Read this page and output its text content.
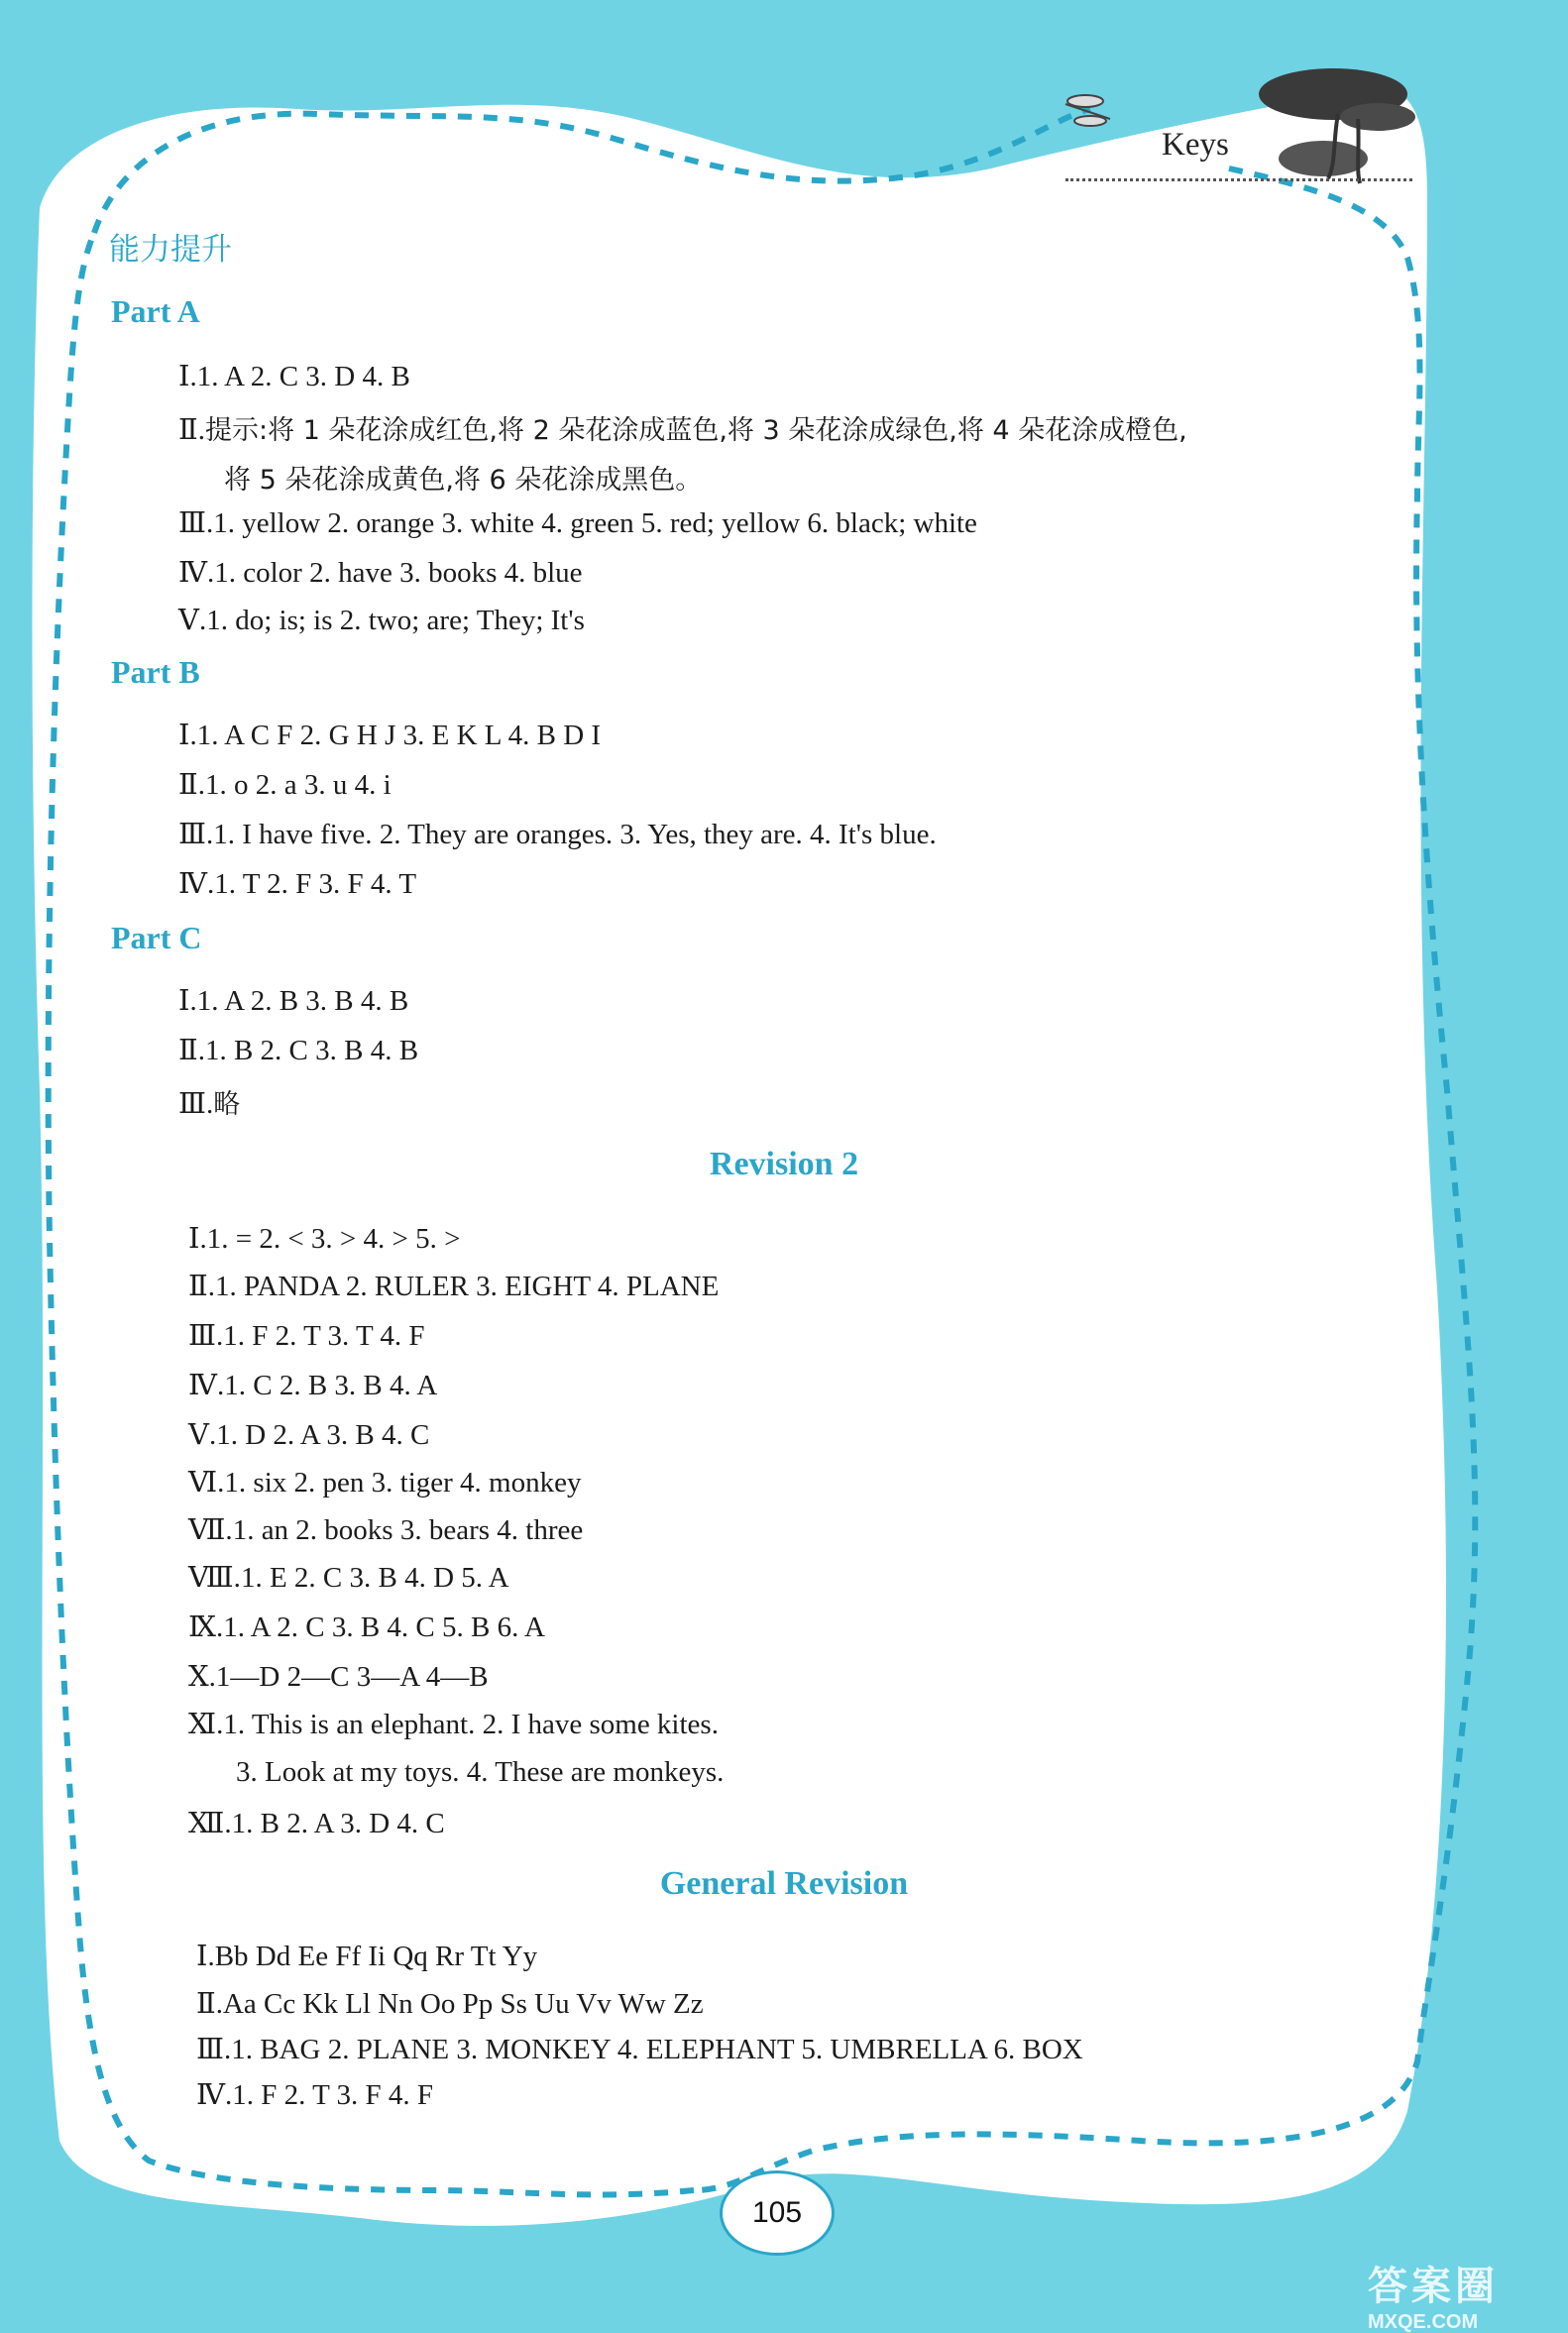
Keys
能力提升
Part A
Ⅰ.1. A 2. C 3. D 4. B
Ⅱ.提示:将 1 朵花涂成红色,将 2 朵花涂成蓝色,将 3 朵花涂成绿色,将 4 朵花涂成橙色,
将 5 朵花涂成黄色,将 6 朵花涂成黑色。
Ⅲ.1. yellow 2. orange 3. white 4. green 5. red; yellow 6. black; white
Ⅳ.1. color 2. have 3. books 4. blue
Ⅴ.1. do; is; is 2. two; are; They; It's
Part B
Ⅰ.1. A C F 2. G H J 3. E K L 4. B D I
Ⅱ.1. o 2. a 3. u 4. i
Ⅲ.1. I have five. 2. They are oranges. 3. Yes, they are. 4. It's blue.
Ⅳ.1. T 2. F 3. F 4. T
Part C
Ⅰ.1. A 2. B 3. B 4. B
Ⅱ.1. B 2. C 3. B 4. B
Ⅲ.略
Revision 2
Ⅰ.1. = 2. < 3. > 4. > 5. >
Ⅱ.1. PANDA 2. RULER 3. EIGHT 4. PLANE
Ⅲ.1. F 2. T 3. T 4. F
Ⅳ.1. C 2. B 3. B 4. A
Ⅴ.1. D 2. A 3. B 4. C
Ⅵ.1. six 2. pen 3. tiger 4. monkey
Ⅶ.1. an 2. books 3. bears 4. three
Ⅷ.1. E 2. C 3. B 4. D 5. A
Ⅸ.1. A 2. C 3. B 4. C 5. B 6. A
Ⅹ.1—D 2—C 3—A 4—B
Ⅺ.1. This is an elephant. 2. I have some kites.
3. Look at my toys. 4. These are monkeys.
Ⅻ.1. B 2. A 3. D 4. C
General Revision
Ⅰ.Bb Dd Ee Ff Ii Qq Rr Tt Yy
Ⅱ.Aa Cc Kk Ll Nn Oo Pp Ss Uu Vv Ww Zz
Ⅲ.1. BAG 2. PLANE 3. MONKEY 4. ELEPHANT 5. UMBRELLA 6. BOX
Ⅳ.1. F 2. T 3. F 4. F
105
答案圈
MXQE.COM
